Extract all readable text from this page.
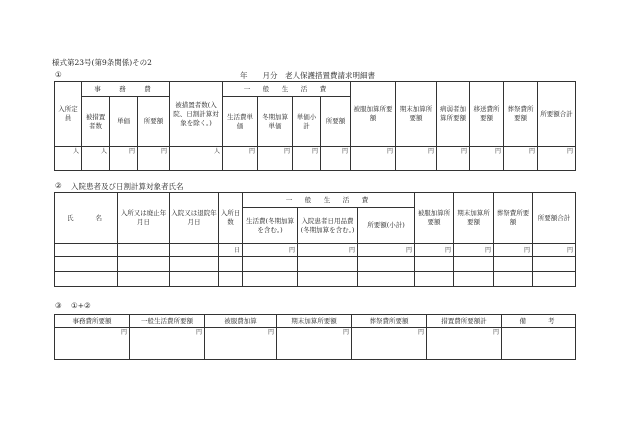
様式第23号(第9条関係)その2
①	年　　月分　老人保護措置費請求明細書
入所定員	事　務　費			被措置者数(入院、日割計算対象を除く。)	一　般　生　活　費				被服加算所要額	期末加算所要額	病弱者加算所要額	移送費所要額	葬祭費所要額	所要額合計
	被措置者数	単価	所要額		生活費単　価	冬期加算単価	単価小計	所要額						
人	人	円	円	人	円	円	円	円	円	円	円	円	円	円
② 入院患者及び日割計算対象者氏名
氏　　名	入所又は廃止年月日	入院又は退院年月日	入所日数	一　般　生　活　費			被服加算所要額	期末加算所要額	葬祭費所要額	所要額合計
				生活費(冬期加算を含む。)	入院患者日用品費(冬期加算を含む。)	所要額(小計)				
			日	円	円	円	円	円	円	円

③ ①+②
事務費所要額	一般生活費所要額	被服費加算	期末加算所要額	葬祭費所要額	措置費所要額計	備　　考
円	円	円	円	円	円	
